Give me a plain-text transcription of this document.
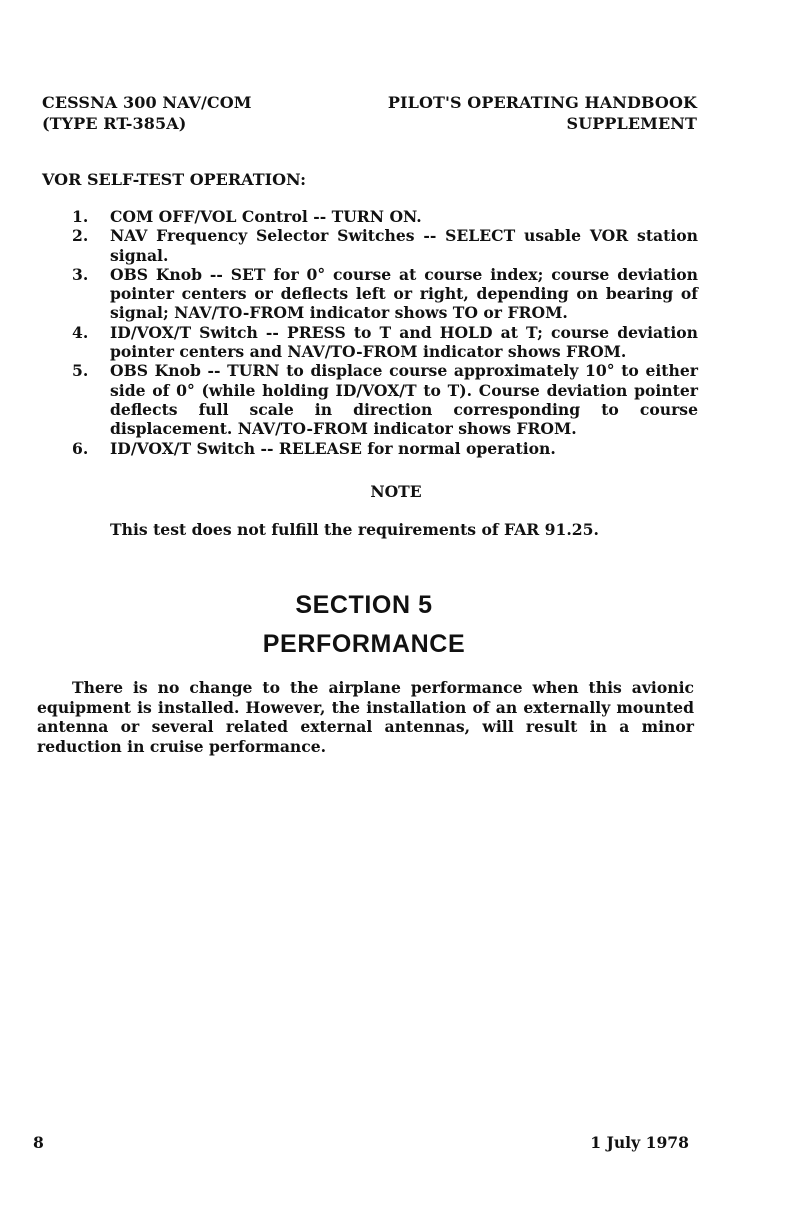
CESSNA 300 NAV/COM
(TYPE RT-385A)
PILOT'S OPERATING HANDBOOK
SUPPLEMENT
VOR SELF-TEST OPERATION:
1.	COM OFF/VOL Control -- TURN ON.
2.	NAV Frequency Selector Switches -- SELECT usable VOR station signal.
3.	OBS Knob -- SET for 0° course at course index; course deviation pointer centers or deflects left or right, depending on bearing of signal; NAV/TO-FROM indicator shows TO or FROM.
4.	ID/VOX/T Switch -- PRESS to T and HOLD at T; course deviation pointer centers and NAV/TO-FROM indicator shows FROM.
5.	OBS Knob -- TURN to displace course approximately 10° to either side of 0° (while holding ID/VOX/T to T). Course deviation pointer deflects full scale in direction corresponding to course displacement. NAV/TO-FROM indicator shows FROM.
6.	ID/VOX/T Switch -- RELEASE for normal operation.
NOTE
This test does not fulfill the requirements of FAR 91.25.
SECTION 5
PERFORMANCE

There is no change to the airplane performance when this avionic equipment is installed. However, the installation of an externally mounted antenna or several related external antennas, will result in a minor reduction in cruise performance.

8	1 July 1978
